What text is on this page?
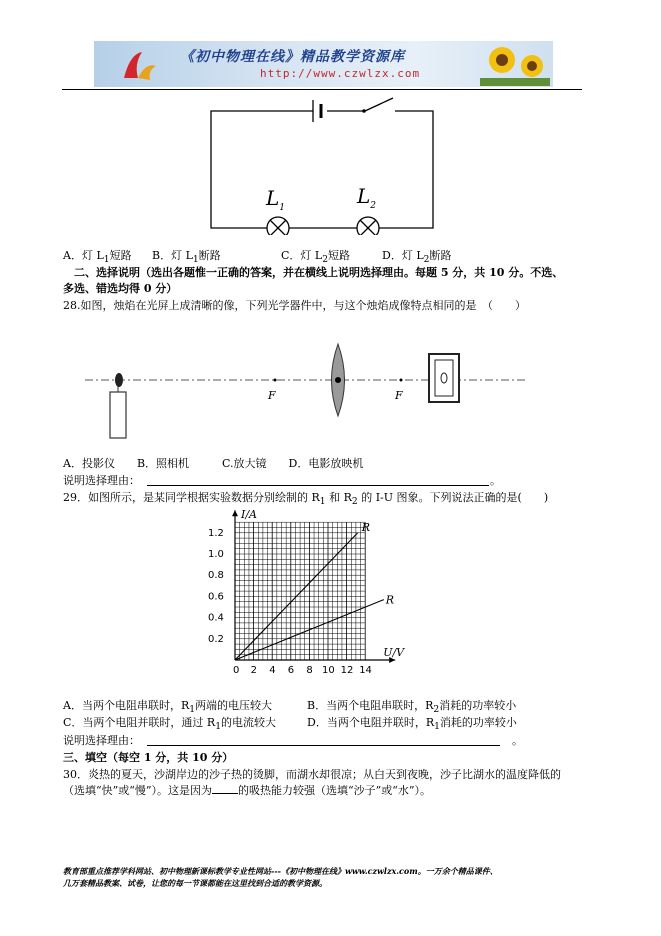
《初中物理在线》精品教学资源库
http://www.czwlzx.com
$L_1$	$L_2$
A．灯 $L_1$短路 B．灯 $L_1$断路	C．灯 $L_2$短路	D．灯 $L_2$断路
二、选择说明（选出各题惟一正确的答案，并在横线上说明选择理由。每题 5 分，共 10 分。不选、
多选、错选均得 0 分）
28.如图，烛焰在光屏上成清晰的像，下列光学器件中，与这个烛焰成像特点相同的是　（　　）
F	F
A．投影仪　　B．照相机　　　C.放大镜　　D．电影放映机
说明选择理由：	。
29．如图所示，是某同学根据实验数据分别绘制的 $R_1$ 和 $R_2$ 的 I-U 图象。下列说法正确的是(　　)
0 2 4 6 8 10 12 14
0.2
0.4
0.6
0.8
1.0
1.2
I/A
U/V
R
R
A．当两个电阻串联时，$R_1$两端的电压较大	B．当两个电阻串联时，$R_2$消耗的功率较小
C．当两个电阻并联时，通过 $R_1$的电流较大	D．当两个电阻并联时，$R_1$消耗的功率较小
说明选择理由：	。
三、填空（每空 1 分，共 10 分）
30．炎热的夏天，沙湖岸边的沙子热的烫脚，而湖水却很凉；从白天到夜晚，沙子比湖水的温度降低的
（选填“快”或“慢”）。这是因为 的吸热能力较强（选填“沙子”或“水”）。
教育部重点推荐学科网站、初中物理新课标教学专业性网站---《初中物理在线》www.czwlzx.com。一万余个精品课件、
几万套精品教案、试卷，让您的每一节课都能在这里找到合适的教学资源。
